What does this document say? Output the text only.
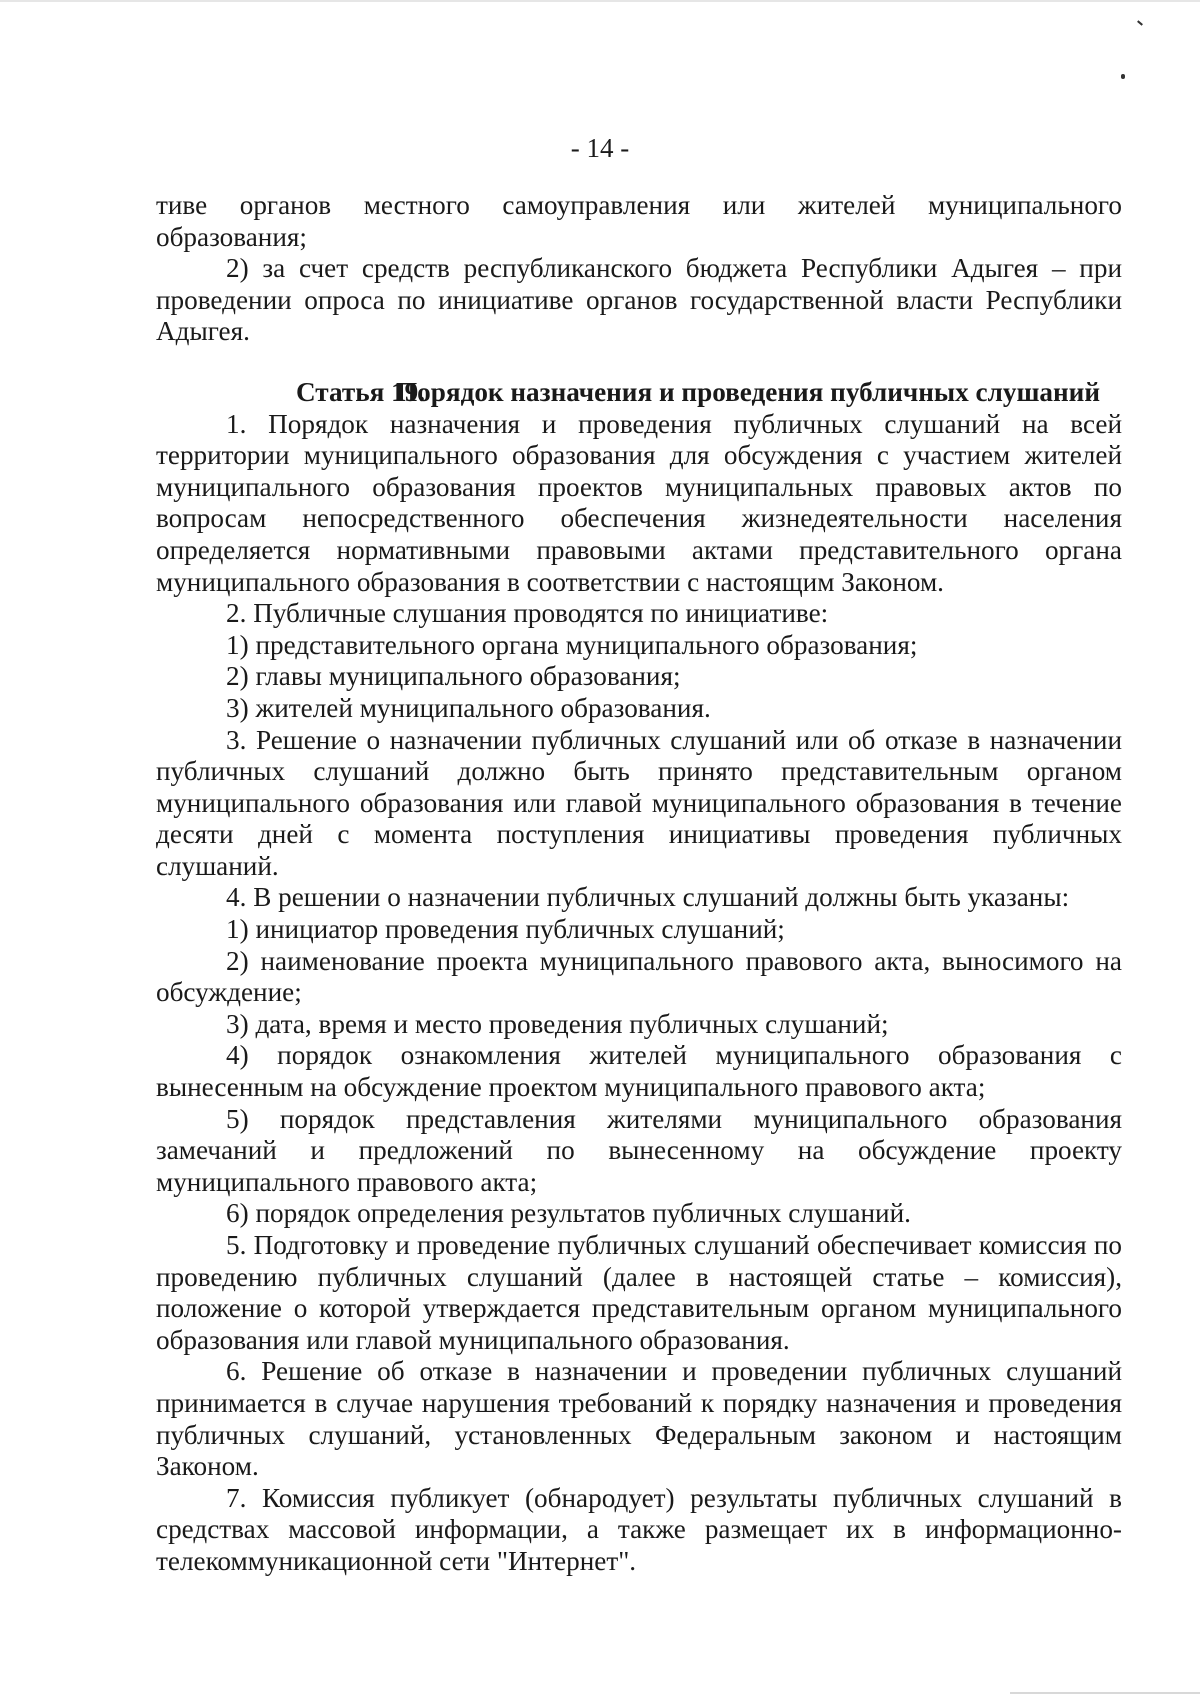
- 14 -

тиве органов местного самоуправления или жителей муниципального образования;

2) за счет средств республиканского бюджета Республики Адыгея – при проведении опроса по инициативе органов государственной власти Республики Адыгея.

Статья 19.Порядок назначения и проведения публичных слушаний

1. Порядок назначения и проведения публичных слушаний на всей территории муниципального образования для обсуждения с участием жителей муниципального образования проектов муниципальных правовых актов по вопросам непосредственного обеспечения жизнедеятельности населения определяется нормативными правовыми актами представительного органа муниципального образования в соответствии с настоящим Законом.

2. Публичные слушания проводятся по инициативе:

1) представительного органа муниципального образования;

2) главы муниципального образования;

3) жителей муниципального образования.

3. Решение о назначении публичных слушаний или об отказе в назначении публичных слушаний должно быть принято представительным органом муниципального образования или главой муниципального образования в течение десяти дней с момента поступления инициативы проведения публичных слушаний.

4. В решении о назначении публичных слушаний должны быть указаны:

1) инициатор проведения публичных слушаний;

2) наименование проекта муниципального правового акта, выносимого на обсуждение;

3) дата, время и место проведения публичных слушаний;

4) порядок ознакомления жителей муниципального образования с вынесенным на обсуждение проектом муниципального правового акта;

5) порядок представления жителями муниципального образования замечаний и предложений по вынесенному на обсуждение проекту муниципального правового акта;

6) порядок определения результатов публичных слушаний.

5. Подготовку и проведение публичных слушаний обеспечивает комиссия по проведению публичных слушаний (далее в настоящей статье – комиссия), положение о которой утверждается представительным органом муниципального образования или главой муниципального образования.

6. Решение об отказе в назначении и проведении публичных слушаний принимается в случае нарушения требований к порядку назначения и проведения публичных слушаний, установленных Федеральным законом и настоящим Законом.

7. Комиссия публикует (обнародует) результаты публичных слушаний в средствах массовой информации, а также размещает их в информационно-телекоммуникационной сети "Интернет".
